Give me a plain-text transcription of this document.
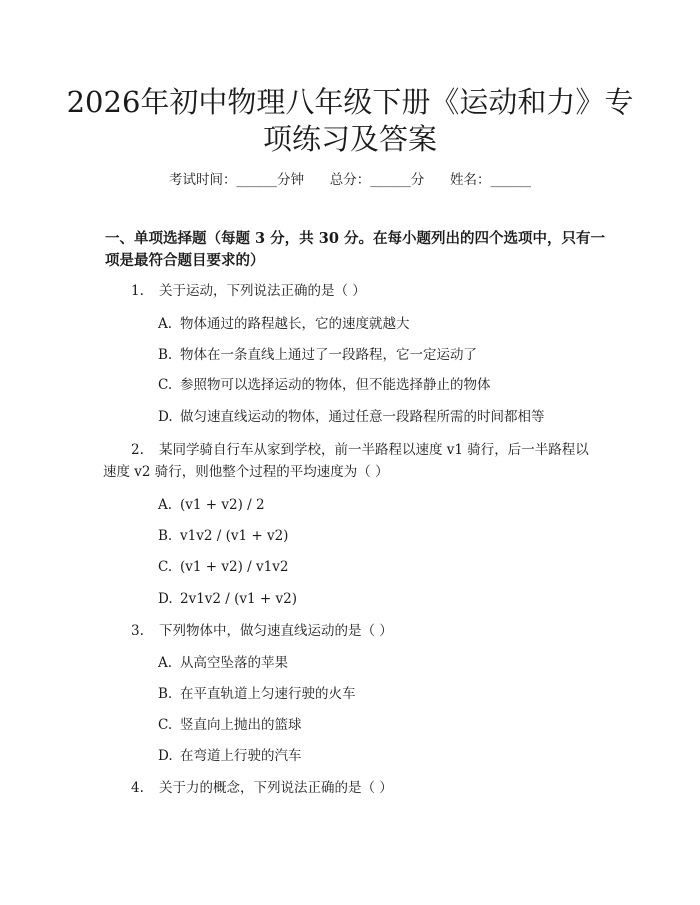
2026年初中物理八年级下册《运动和力》专
项练习及答案
考试时间：______分钟 总分：______分 姓名：______

一、单项选择题（每题 3 分，共 30 分。在每小题列出的四个选项中，只有一项是最符合题目要求的）

1. 关于运动，下列说法正确的是（ ）

A. 物体通过的路程越长，它的速度就越大

B. 物体在一条直线上通过了一段路程，它一定运动了

C. 参照物可以选择运动的物体，但不能选择静止的物体

D. 做匀速直线运动的物体，通过任意一段路程所需的时间都相等

2. 某同学骑自行车从家到学校，前一半路程以速度 v1 骑行，后一半路程以速度 v2 骑行，则他整个过程的平均速度为（ ）

A. (v1 + v2) / 2

B. v1v2 / (v1 + v2)

C. (v1 + v2) / v1v2

D. 2v1v2 / (v1 + v2)

3. 下列物体中，做匀速直线运动的是（ ）

A. 从高空坠落的苹果

B. 在平直轨道上匀速行驶的火车

C. 竖直向上抛出的篮球

D. 在弯道上行驶的汽车

4. 关于力的概念，下列说法正确的是（ ）
